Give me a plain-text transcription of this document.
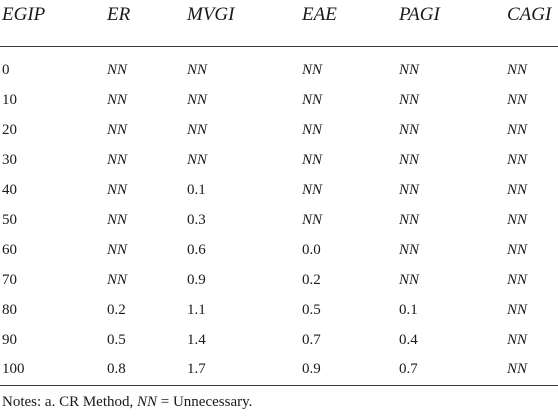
EGIP	ER	MVGI	EAE	PAGI	CAGI
0	NN	NN	NN	NN	NN
10	NN	NN	NN	NN	NN
20	NN	NN	NN	NN	NN
30	NN	NN	NN	NN	NN
40	NN	0.1	NN	NN	NN
50	NN	0.3	NN	NN	NN
60	NN	0.6	0.0	NN	NN
70	NN	0.9	0.2	NN	NN
80	0.2	1.1	0.5	0.1	NN
90	0.5	1.4	0.7	0.4	NN
100	0.8	1.7	0.9	0.7	NN
Notes: a. CR Method, NN = Unnecessary.
